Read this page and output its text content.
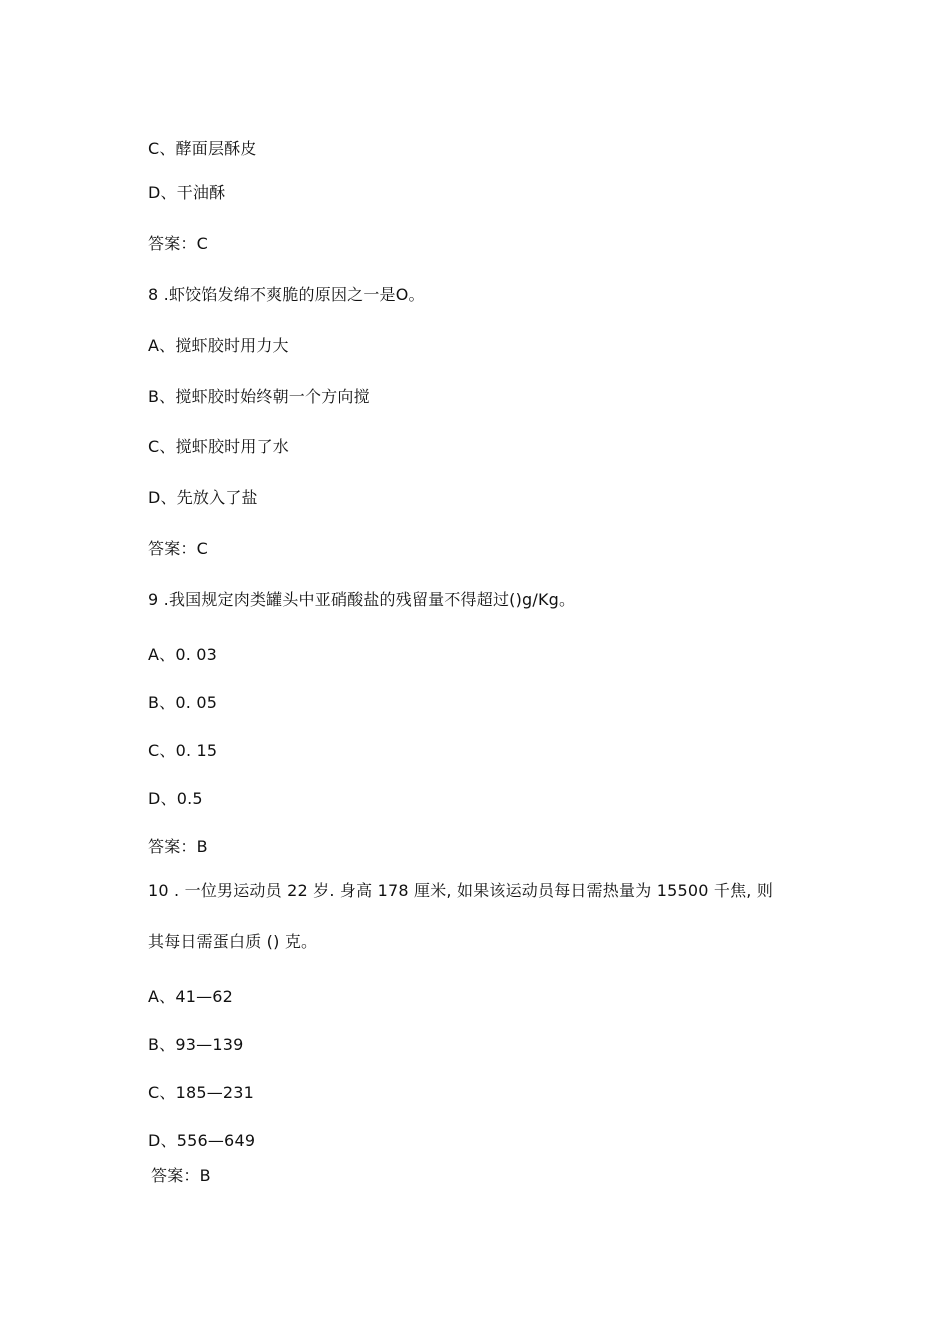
C、酵面层酥皮
D、干油酥
答案：C
8 .虾饺馅发绵不爽脆的原因之一是O。
A、搅虾胶时用力大
B、搅虾胶时始终朝一个方向搅
C、搅虾胶时用了水
D、先放入了盐
答案：C
9 .我国规定肉类罐头中亚硝酸盐的残留量不得超过()g/Kg。
A、0. 03
B、0. 05
C、0. 15
D、0.5
答案：B
10 . 一位男运动员 22 岁. 身高 178 厘米, 如果该运动员每日需热量为 15500 千焦, 则
其每日需蛋白质 () 克。
A、41—62
B、93—139
C、185—231
D、556—649
答案：B
